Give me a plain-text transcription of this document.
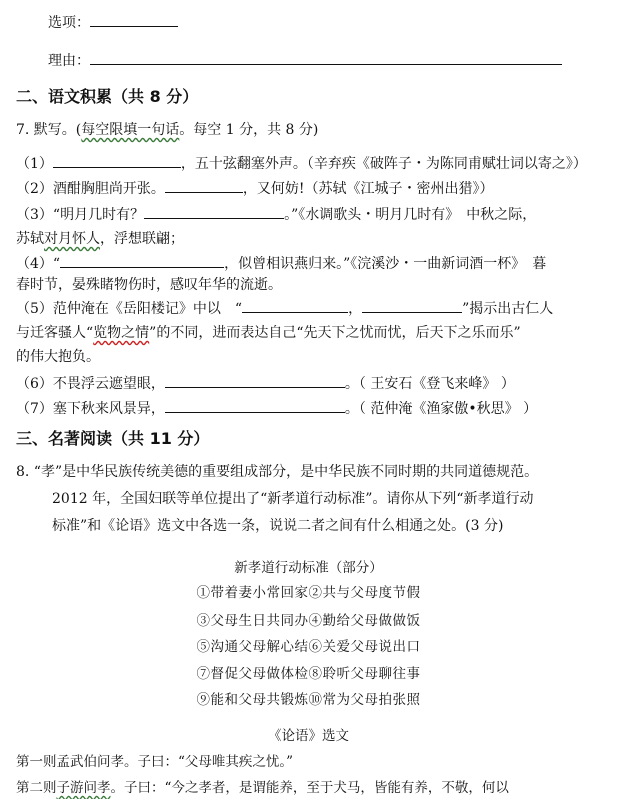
选项：
理由：
二、语文积累（共 8 分）
7. 默写。(每空限填一句话。每空 1 分，共 8 分)
（1）	，五十弦翻塞外声。（辛弃疾《破阵子・为陈同甫赋壮词以寄之》）
（2）酒酣胸胆尚开张。	，又何妨!（苏轼《江城子・密州出猎》）
（3）“明月几时有？	。”《水调歌头・明月几时有》　中秋之际，
苏轼对月怀人，浮想联翩；
（4）“	，似曾相识燕归来。”《浣溪沙・一曲新词酒一杯》　暮
春时节，晏殊睹物伤时，感叹年华的流逝。
（5）范仲淹在《岳阳楼记》中以　“	，	”揭示出古仁人
与迁客骚人“览物之情”的不同，进而表达自己“先天下之忧而忧，后天下之乐而乐”
的伟大抱负。
（6）不畏浮云遮望眼，	。（ 王安石《登飞来峰》 ）
（7）塞下秋来风景异，	。（ 范仲淹《渔家傲•秋思》 ）
三、名著阅读（共 11 分）
8. “孝”是中华民族传统美德的重要组成部分，是中华民族不同时期的共同道德规范。
2012 年，全国妇联等单位提出了“新孝道行动标准”。请你从下列“新孝道行动
标准”和《论语》选文中各选一条，说说二者之间有什么相通之处。(3 分)
新孝道行动标准（部分）
①带着妻小常回家②共与父母度节假
③父母生日共同办④勤给父母做做饭
⑤沟通父母解心结⑥关爱父母说出口
⑦督促父母做体检⑧聆听父母聊往事
⑨能和父母共锻炼⑩常为父母拍张照
《论语》选文
第一则孟武伯问孝。子曰：“父母唯其疾之忧。”
第二则子游问孝。子曰：“今之孝者，是谓能养，至于犬马，皆能有养，不敬，何以
